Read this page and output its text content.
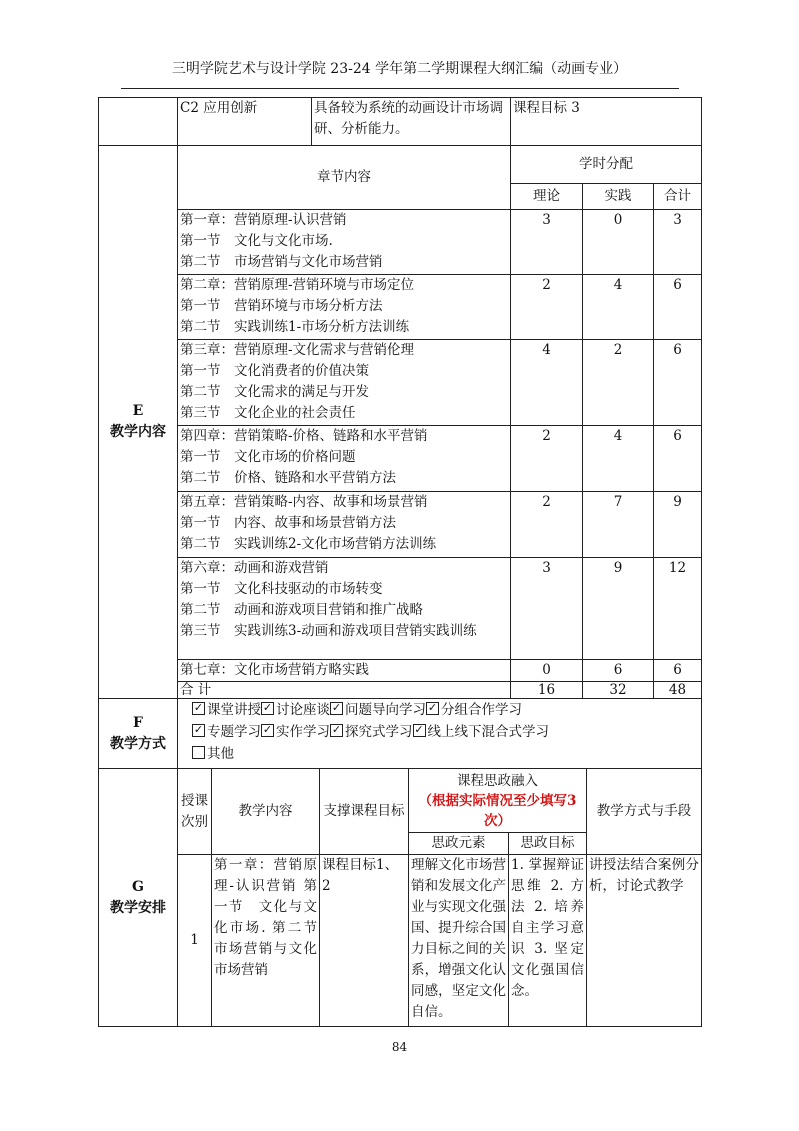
三明学院艺术与设计学院 23-24 学年第二学期课程大纲汇编（动画专业）
	C2 应用创新	具备较为系统的动画设计市场调研、分析能力。	课程目标 3
E
教学内容	章节内容	学时分配		
		理论	实践	合计

	第一章：营销原理-认识营销
第一节　文化与文化市场.
第二节　市场营销与文化市场营销	3	0	3

	第二章：营销原理-营销环境与市场定位
第一节　营销环境与市场分析方法
第二节　实践训练1-市场分析方法训练	2	4	6

	第三章：营销原理-文化需求与营销伦理
第一节　文化消费者的价值决策
第二节　文化需求的满足与开发
第三节　文化企业的社会责任	4	2	6

	第四章：营销策略-价格、链路和水平营销
第一节　文化市场的价格问题
第二节　价格、链路和水平营销方法	2	4	6

	第五章：营销策略-内容、故事和场景营销
第一节　内容、故事和场景营销方法
第二节　实践训练2-文化市场营销方法训练	2	7	9

	第六章：动画和游戏营销
第一节　文化科技驱动的市场转变
第二节　动画和游戏项目营销和推广战略
第三节　实践训练3-动画和游戏项目营销实践训练	3	9	12

	第七章：文化市场营销方略实践	0	6	6
	合 计	16	32	48
F
教学方式

✓课堂讲授 ✓ 讨论座谈 ✓ 问题导向学习 ✓ 分组合作学习
✓专题学习 ✓ 实作学习 ✓ 探究式学习 ✓ 线上线下混合式学习
其他
G
教学安排	授课次别	教学内容	支撑课程目标	课程思政融入
（根据实际情况至少填写3次）		教学方式与手段
				思政元素	思政目标	
	1	第一章：营销原理-认识营销 第一节　文化与文化市场. 第二节　市场营销与文化市场营销	课程目标1、2	理解文化市场营销和发展文化产业与实现文化强国、提升综合国力目标之间的关系，增强文化认同感，坚定文化自信。	1. 掌握辩证思维 2. 方法 2. 培养自主学习意识 3. 坚定文化强国信念。	讲授法结合案例分析，讨论式教学
84
